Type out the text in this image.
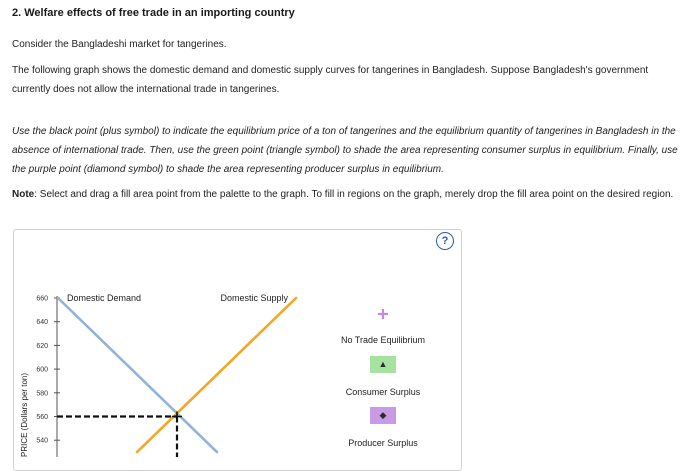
2. Welfare effects of free trade in an importing country
Consider the Bangladeshi market for tangerines.
The following graph shows the domestic demand and domestic supply curves for tangerines in Bangladesh. Suppose Bangladesh's government currently does not allow the international trade in tangerines.
Use the black point (plus symbol) to indicate the equilibrium price of a ton of tangerines and the equilibrium quantity of tangerines in Bangladesh in the absence of international trade. Then, use the green point (triangle symbol) to shade the area representing consumer surplus in equilibrium. Finally, use the purple point (diamond symbol) to shade the area representing producer surplus in equilibrium.
Note: Select and drag a fill area point from the palette to the graph. To fill in regions on the graph, merely drop the fill area point on the desired region.
?
660
640
620
600
580
560
540
PRICE (Dollars per ton)
Domestic Demand	Domestic Supply
No Trade Equilibrium
▲
Consumer Surplus
◆
Producer Surplus
